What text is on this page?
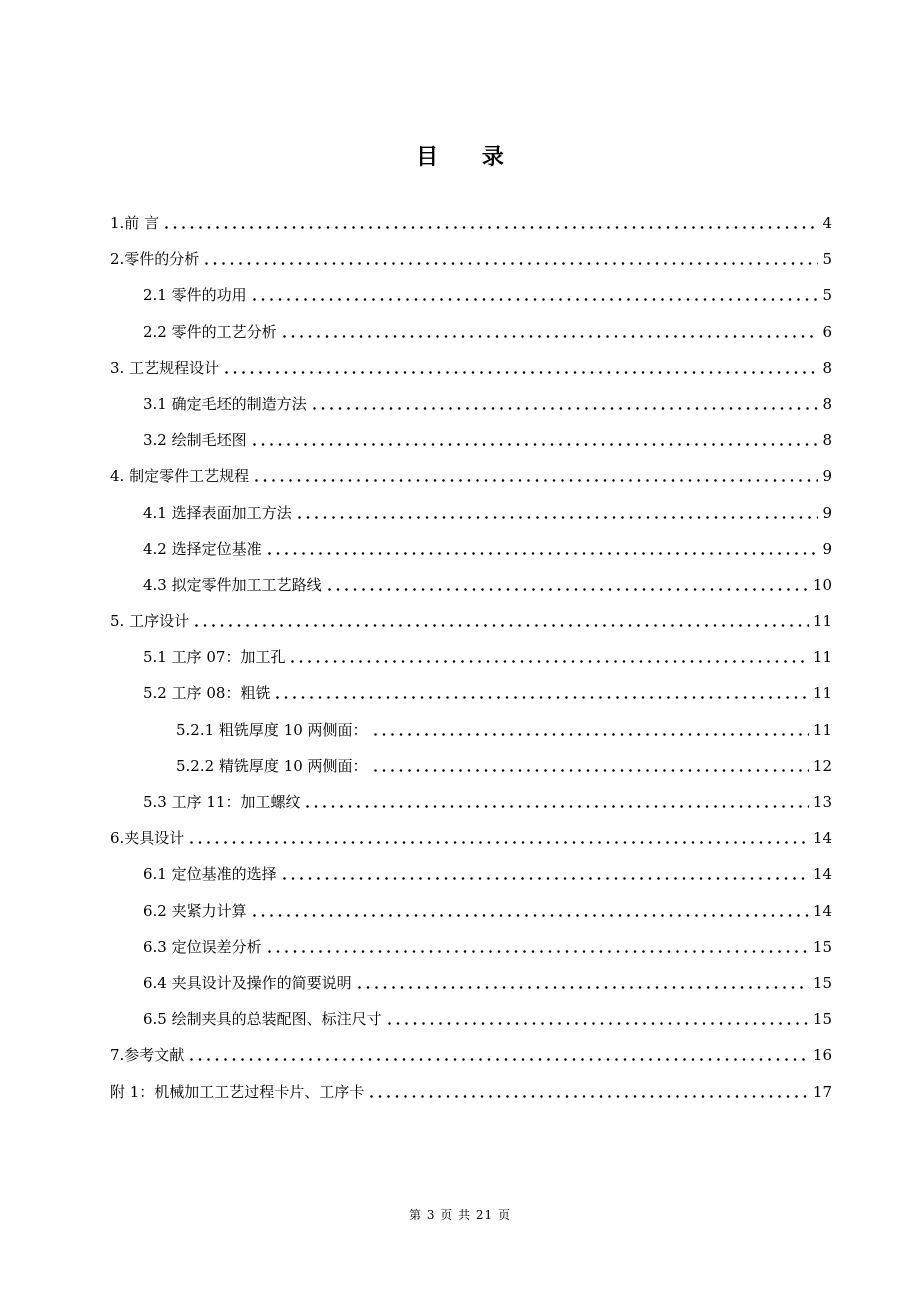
目 录
1.前 言	4
2.零件的分析	5
2.1 零件的功用	5
2.2 零件的工艺分析	6
3. 工艺规程设计	8
3.1 确定毛坯的制造方法	8
3.2 绘制毛坯图	8
4. 制定零件工艺规程	9
4.1 选择表面加工方法	9
4.2 选择定位基准	9
4.3 拟定零件加工工艺路线	10
5. 工序设计	11
5.1 工序 07：加工孔	11
5.2 工序 08：粗铣	11
5.2.1 粗铣厚度 10 两侧面：	11
5.2.2 精铣厚度 10 两侧面：	12
5.3 工序 11：加工螺纹	13
6.夹具设计	14
6.1 定位基准的选择	14
6.2 夹紧力计算	14
6.3 定位误差分析	15
6.4 夹具设计及操作的简要说明	15
6.5 绘制夹具的总装配图、标注尺寸	15
7.参考文献	16
附 1：机械加工工艺过程卡片、工序卡	17
第 3 页 共 21 页
